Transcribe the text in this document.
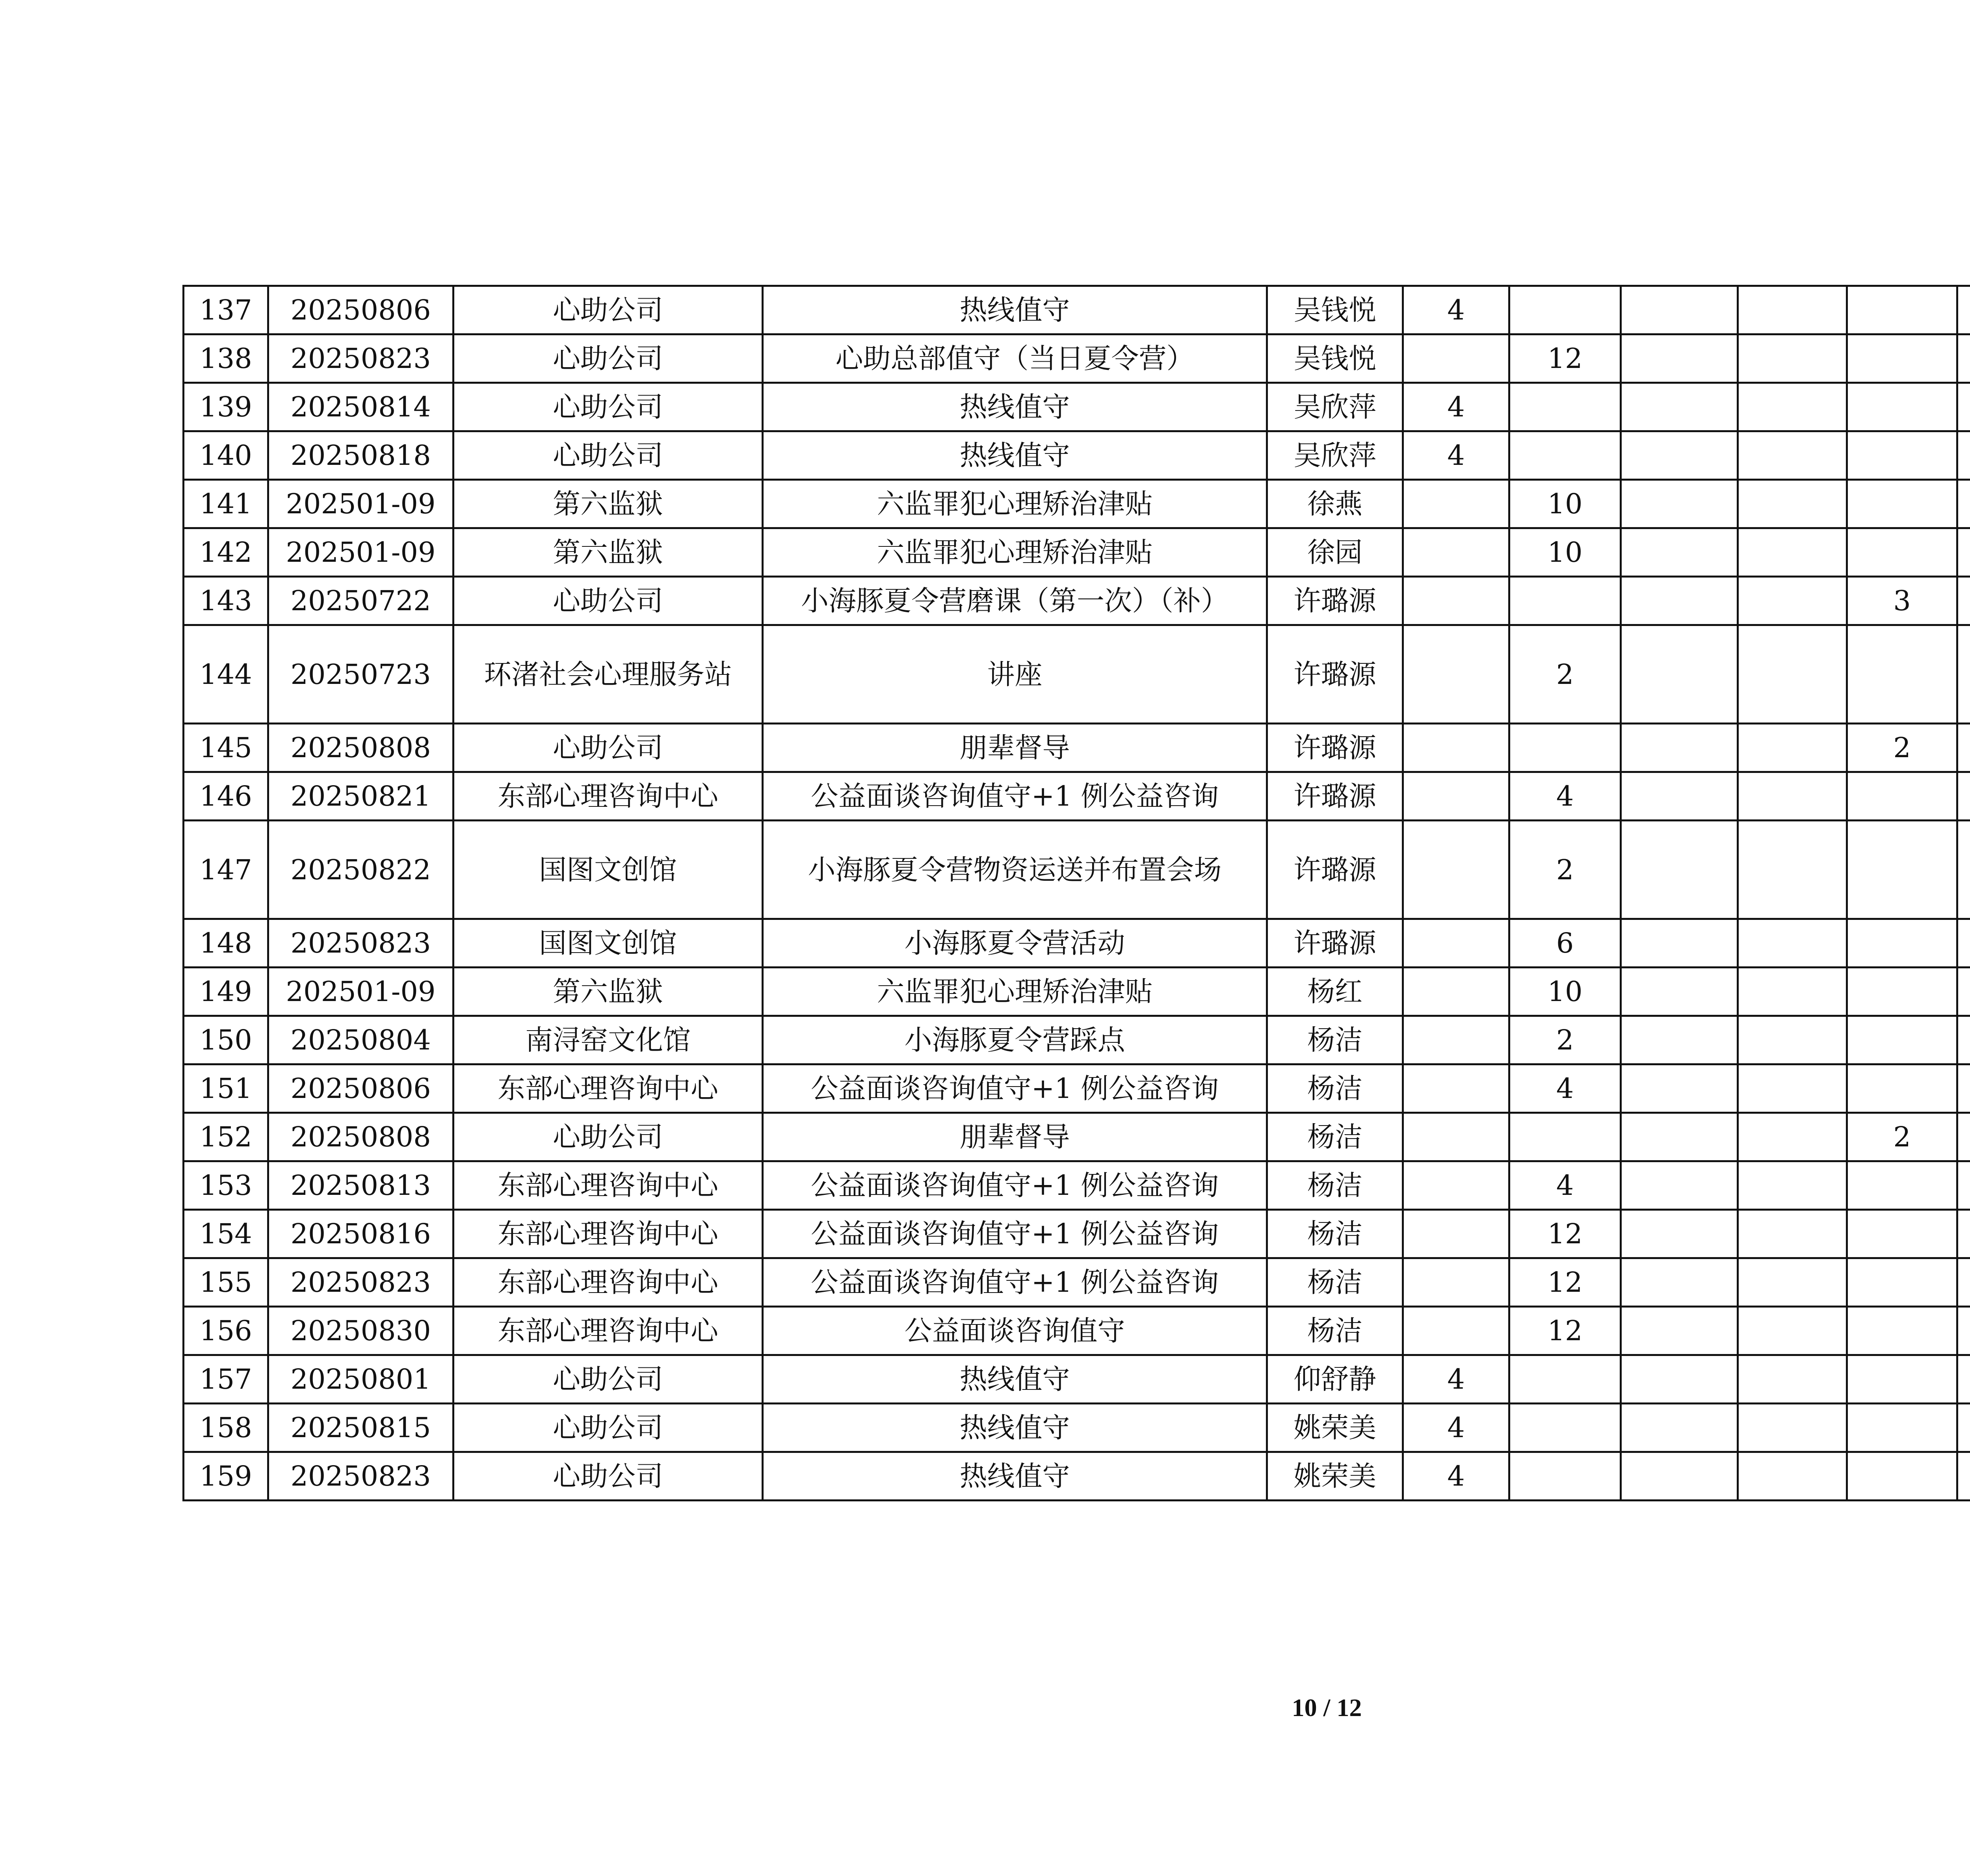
137	20250806	心助公司	热线值守	吴钱悦	4								
138	20250823	心助公司	心助总部值守（当日夏令营）	吴钱悦		12							
139	20250814	心助公司	热线值守	吴欣萍	4								
140	20250818	心助公司	热线值守	吴欣萍	4								
141	202501-09	第六监狱	六监罪犯心理矫治津贴	徐燕		10							
142	202501-09	第六监狱	六监罪犯心理矫治津贴	徐园		10							
143	20250722	心助公司	小海豚夏令营磨课（第一次）（补）	许璐源					3				
144	20250723	环渚社会心理服务站	讲座	许璐源		2							
145	20250808	心助公司	朋辈督导	许璐源					2				
146	20250821	东部心理咨询中心	公益面谈咨询值守+1 例公益咨询	许璐源		4							
147	20250822	国图文创馆	小海豚夏令营物资运送并布置会场	许璐源		2							
148	20250823	国图文创馆	小海豚夏令营活动	许璐源		6							
149	202501-09	第六监狱	六监罪犯心理矫治津贴	杨红		10							
150	20250804	南浔窑文化馆	小海豚夏令营踩点	杨洁		2							
151	20250806	东部心理咨询中心	公益面谈咨询值守+1 例公益咨询	杨洁		4							
152	20250808	心助公司	朋辈督导	杨洁					2				
153	20250813	东部心理咨询中心	公益面谈咨询值守+1 例公益咨询	杨洁		4							
154	20250816	东部心理咨询中心	公益面谈咨询值守+1 例公益咨询	杨洁		12							
155	20250823	东部心理咨询中心	公益面谈咨询值守+1 例公益咨询	杨洁		12							
156	20250830	东部心理咨询中心	公益面谈咨询值守	杨洁		12							
157	20250801	心助公司	热线值守	仰舒静	4								
158	20250815	心助公司	热线值守	姚荣美	4								
159	20250823	心助公司	热线值守	姚荣美	4								
10 / 12
